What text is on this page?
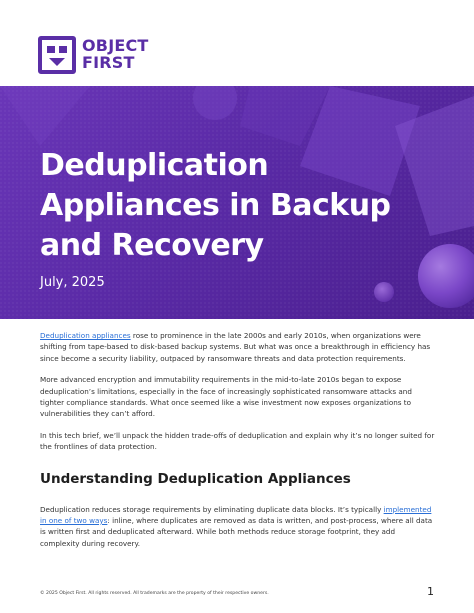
OBJECT
FIRST
Deduplication
Appliances in Backup
and Recovery
July, 2025

Deduplication appliances rose to prominence in the late 2000s and early 2010s, when organizations were shifting from tape-based to disk-based backup systems. But what was once a breakthrough in efficiency has since become a security liability, outpaced by ransomware threats and data protection requirements.

More advanced encryption and immutability requirements in the mid-to-late 2010s began to expose deduplication’s limitations, especially in the face of increasingly sophisticated ransomware attacks and tighter compliance standards. What once seemed like a wise investment now exposes organizations to vulnerabilities they can’t afford.

In this tech brief, we’ll unpack the hidden trade-offs of deduplication and explain why it’s no longer suited for the frontlines of data protection.

Understanding Deduplication Appliances

Deduplication reduces storage requirements by eliminating duplicate data blocks. It’s typically implemented in one of two ways: inline, where duplicates are removed as data is written, and post-process, where all data is written first and deduplicated afterward. While both methods reduce storage footprint, they add complexity during recovery.

© 2025 Object First. All rights reserved. All trademarks are the property of their respective owners.	1
